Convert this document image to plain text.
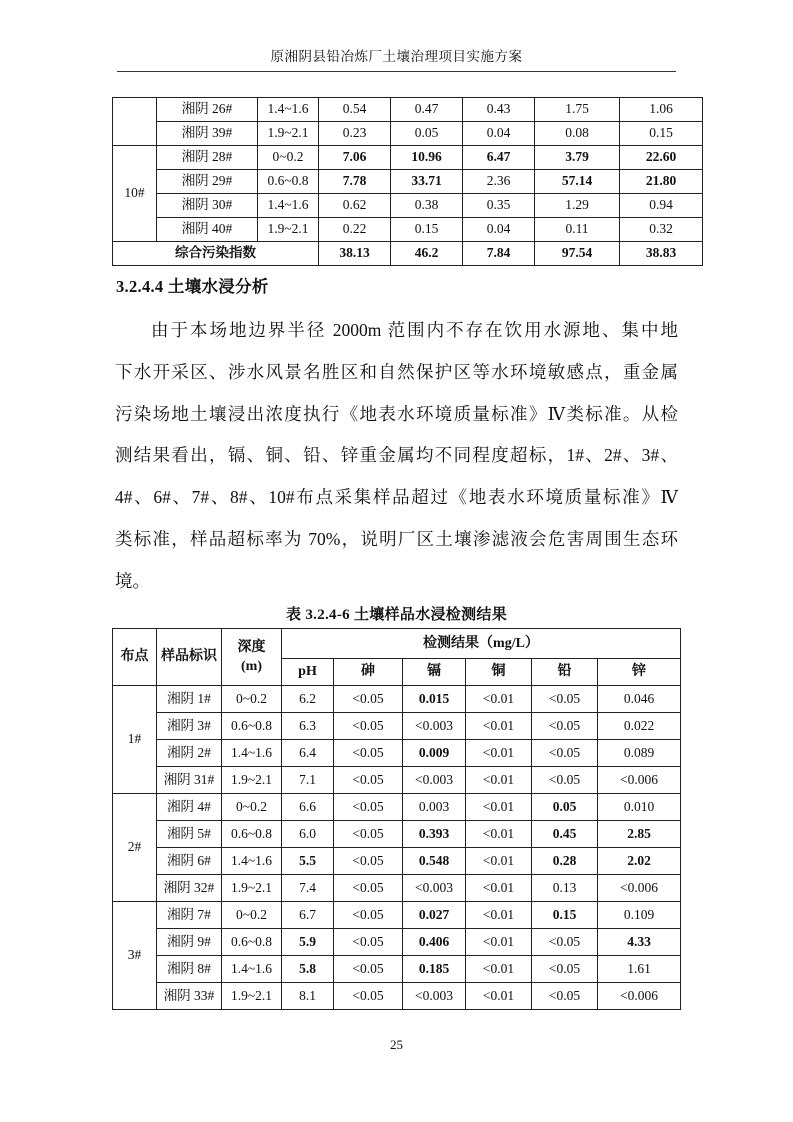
原湘阴县铅冶炼厂土壤治理项目实施方案
	湘阴 26#	1.4~1.6	0.54	0.47	0.43	1.75	1.06
	湘阴 39#	1.9~2.1	0.23	0.05	0.04	0.08	0.15
10#	湘阴 28#	0~0.2	7.06	10.96	6.47	3.79	22.60
	湘阴 29#	0.6~0.8	7.78	33.71	2.36	57.14	21.80
	湘阴 30#	1.4~1.6	0.62	0.38	0.35	1.29	0.94
	湘阴 40#	1.9~2.1	0.22	0.15	0.04	0.11	0.32
综合污染指数			38.13	46.2	7.84	97.54	38.83
3.2.4.4 土壤水浸分析
由于本场地边界半径 2000m 范围内不存在饮用水源地、集中地
下水开采区、涉水风景名胜区和自然保护区等水环境敏感点，重金属
污染场地土壤浸出浓度执行《地表水环境质量标准》Ⅳ类标准。从检
测结果看出，镉、铜、铅、锌重金属均不同程度超标，1#、2#、3#、
4#、6#、7#、8#、10#布点采集样品超过《地表水环境质量标准》Ⅳ
类标准，样品超标率为 70%，说明厂区土壤渗滤液会危害周围生态环
境。
表 3.2.4-6 土壤样品水浸检测结果
布点	样品标识	深度
(m)	检测结果（mg/L）					
			pH	砷	镉	铜	铅	锌
1#	湘阴 1#	0~0.2	6.2	<0.05	0.015	<0.01	<0.05	0.046
	湘阴 3#	0.6~0.8	6.3	<0.05	<0.003	<0.01	<0.05	0.022
	湘阴 2#	1.4~1.6	6.4	<0.05	0.009	<0.01	<0.05	0.089
	湘阴 31#	1.9~2.1	7.1	<0.05	<0.003	<0.01	<0.05	<0.006
2#	湘阴 4#	0~0.2	6.6	<0.05	0.003	<0.01	0.05	0.010
	湘阴 5#	0.6~0.8	6.0	<0.05	0.393	<0.01	0.45	2.85
	湘阴 6#	1.4~1.6	5.5	<0.05	0.548	<0.01	0.28	2.02
	湘阴 32#	1.9~2.1	7.4	<0.05	<0.003	<0.01	0.13	<0.006
3#	湘阴 7#	0~0.2	6.7	<0.05	0.027	<0.01	0.15	0.109
	湘阴 9#	0.6~0.8	5.9	<0.05	0.406	<0.01	<0.05	4.33
	湘阴 8#	1.4~1.6	5.8	<0.05	0.185	<0.01	<0.05	1.61
	湘阴 33#	1.9~2.1	8.1	<0.05	<0.003	<0.01	<0.05	<0.006
25
